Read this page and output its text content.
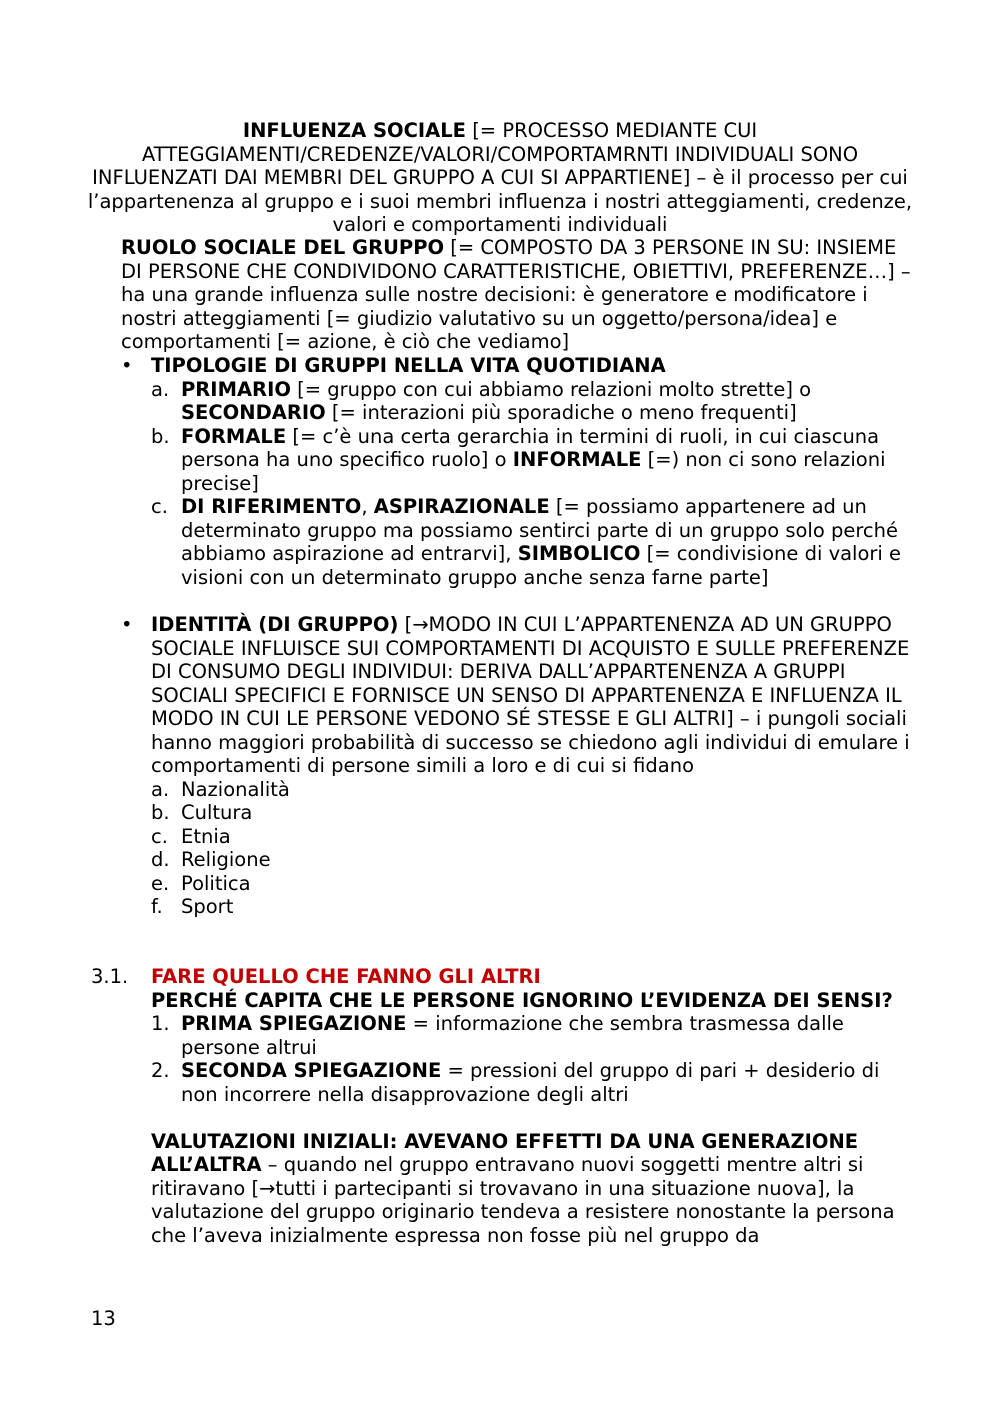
INFLUENZA SOCIALE [= PROCESSO MEDIANTE CUI ATTEGGIAMENTI/CREDENZE/VALORI/COMPORTAMRNTI INDIVIDUALI SONO INFLUENZATI DAI MEMBRI DEL GRUPPO A CUI SI APPARTIENE] – è il processo per cui l’appartenenza al gruppo e i suoi membri influenza i nostri atteggiamenti, credenze, valori e comportamenti individuali
RUOLO SOCIALE DEL GRUPPO [= COMPOSTO DA 3 PERSONE IN SU: INSIEME DI PERSONE CHE CONDIVIDONO CARATTERISTICHE, OBIETTIVI, PREFERENZE…] – ha una grande influenza sulle nostre decisioni: è generatore e modificatore i nostri atteggiamenti [= giudizio valutativo su un oggetto/persona/idea] e comportamenti [= azione, è ciò che vediamo]
• TIPOLOGIE DI GRUPPI NELLA VITA QUOTIDIANA
a. PRIMARIO [= gruppo con cui abbiamo relazioni molto strette] o SECONDARIO [= interazioni più sporadiche o meno frequenti]
b. FORMALE [= c’è una certa gerarchia in termini di ruoli, in cui ciascuna persona ha uno specifico ruolo] o INFORMALE [=) non ci sono relazioni precise]
c. DI RIFERIMENTO, ASPIRAZIONALE [= possiamo appartenere ad un determinato gruppo ma possiamo sentirci parte di un gruppo solo perché abbiamo aspirazione ad entrarvi], SIMBOLICO [= condivisione di valori e visioni con un determinato gruppo anche senza farne parte]
• IDENTITÀ (DI GRUPPO) [→MODO IN CUI L’APPARTENENZA AD UN GRUPPO SOCIALE INFLUISCE SUI COMPORTAMENTI DI ACQUISTO E SULLE PREFERENZE DI CONSUMO DEGLI INDIVIDUI: DERIVA DALL’APPARTENENZA A GRUPPI SOCIALI SPECIFICI E FORNISCE UN SENSO DI APPARTENENZA E INFLUENZA IL MODO IN CUI LE PERSONE VEDONO SÉ STESSE E GLI ALTRI] – i pungoli sociali hanno maggiori probabilità di successo se chiedono agli individui di emulare i comportamenti di persone simili a loro e di cui si fidano
a. Nazionalità
b. Cultura
c. Etnia
d. Religione
e. Politica
f. Sport
3.1. FARE QUELLO CHE FANNO GLI ALTRI
PERCHÉ CAPITA CHE LE PERSONE IGNORINO L’EVIDENZA DEI SENSI?
1. PRIMA SPIEGAZIONE = informazione che sembra trasmessa dalle persone altrui
2. SECONDA SPIEGAZIONE = pressioni del gruppo di pari + desiderio di non incorrere nella disapprovazione degli altri
VALUTAZIONI INIZIALI: AVEVANO EFFETTI DA UNA GENERAZIONE ALL’ALTRA – quando nel gruppo entravano nuovi soggetti mentre altri si ritiravano [→tutti i partecipanti si trovavano in una situazione nuova], la valutazione del gruppo originario tendeva a resistere nonostante la persona che l’aveva inizialmente espressa non fosse più nel gruppo da
13
